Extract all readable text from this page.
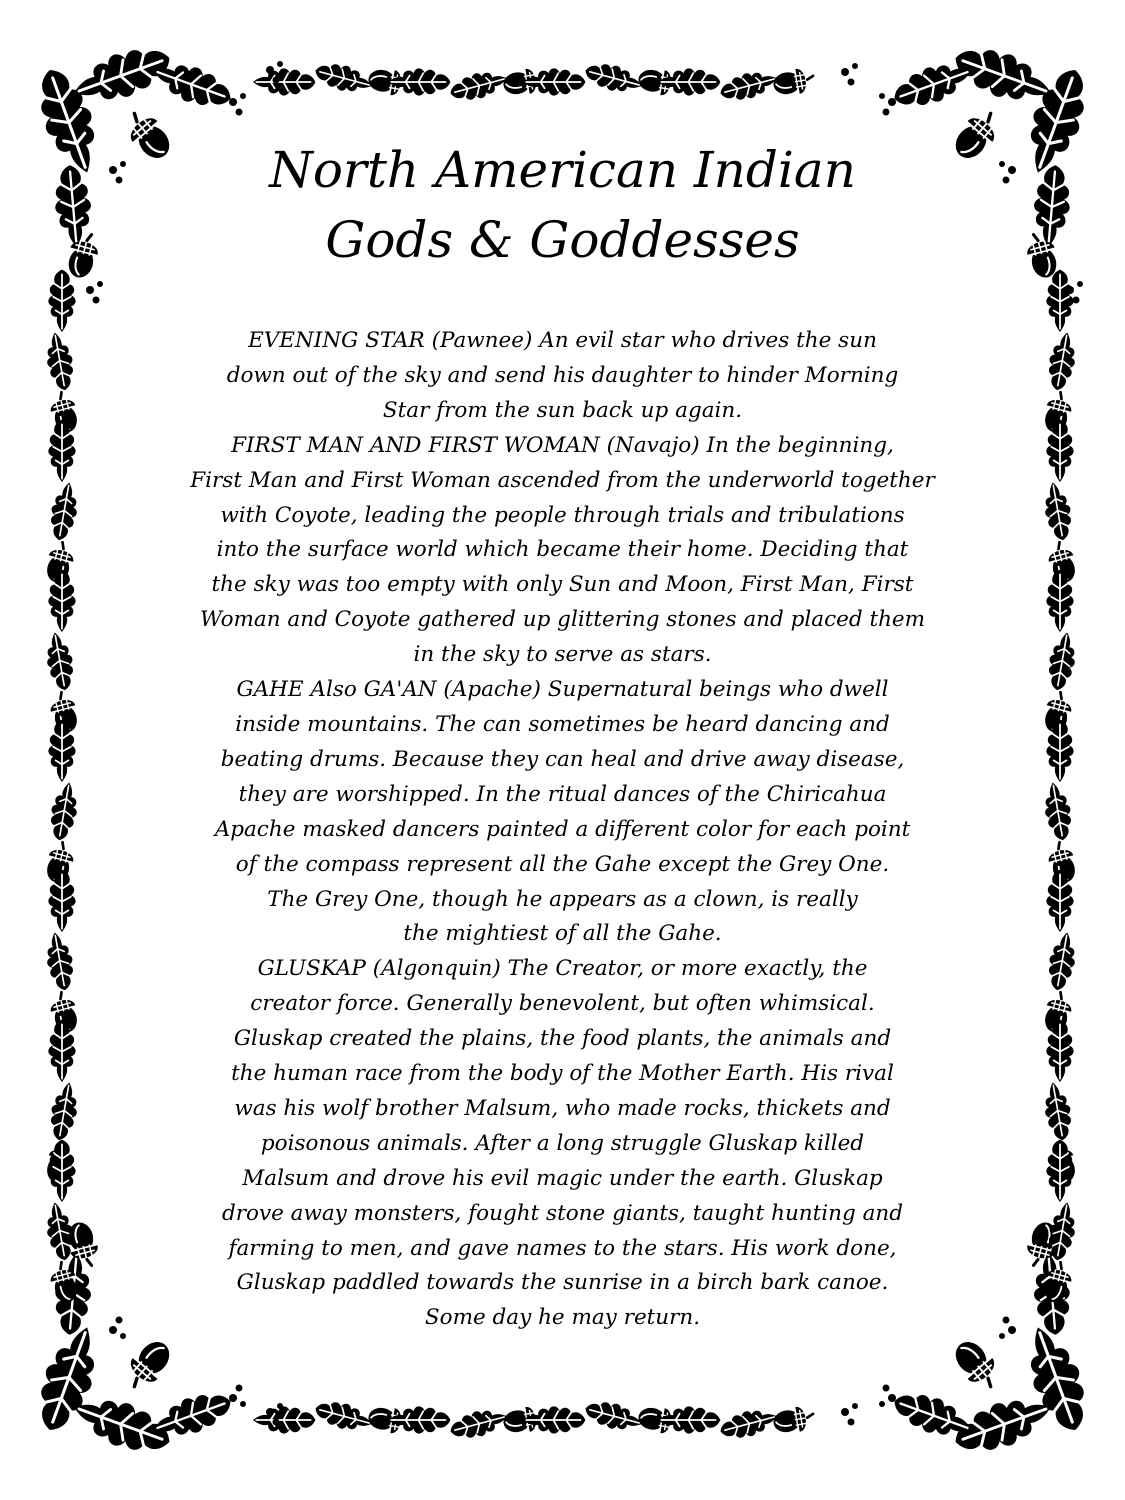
North American Indian
Gods & Goddesses
EVENING STAR (Pawnee) An evil star who drives the sun
down out of the sky and send his daughter to hinder Morning
Star from the sun back up again.
FIRST MAN AND FIRST WOMAN (Navajo) In the beginning,
First Man and First Woman ascended from the underworld together
with Coyote, leading the people through trials and tribulations
into the surface world which became their home. Deciding that
the sky was too empty with only Sun and Moon, First Man, First
Woman and Coyote gathered up glittering stones and placed them
in the sky to serve as stars.
GAHE Also GA'AN (Apache) Supernatural beings who dwell
inside mountains. The can sometimes be heard dancing and
beating drums. Because they can heal and drive away disease,
they are worshipped. In the ritual dances of the Chiricahua
Apache masked dancers painted a different color for each point
of the compass represent all the Gahe except the Grey One.
The Grey One, though he appears as a clown, is really
the mightiest of all the Gahe.
GLUSKAP (Algonquin) The Creator, or more exactly, the
creator force. Generally benevolent, but often whimsical.
Gluskap created the plains, the food plants, the animals and
the human race from the body of the Mother Earth. His rival
was his wolf brother Malsum, who made rocks, thickets and
poisonous animals. After a long struggle Gluskap killed
Malsum and drove his evil magic under the earth. Gluskap
drove away monsters, fought stone giants, taught hunting and
farming to men, and gave names to the stars. His work done,
Gluskap paddled towards the sunrise in a birch bark canoe.
Some day he may return.
